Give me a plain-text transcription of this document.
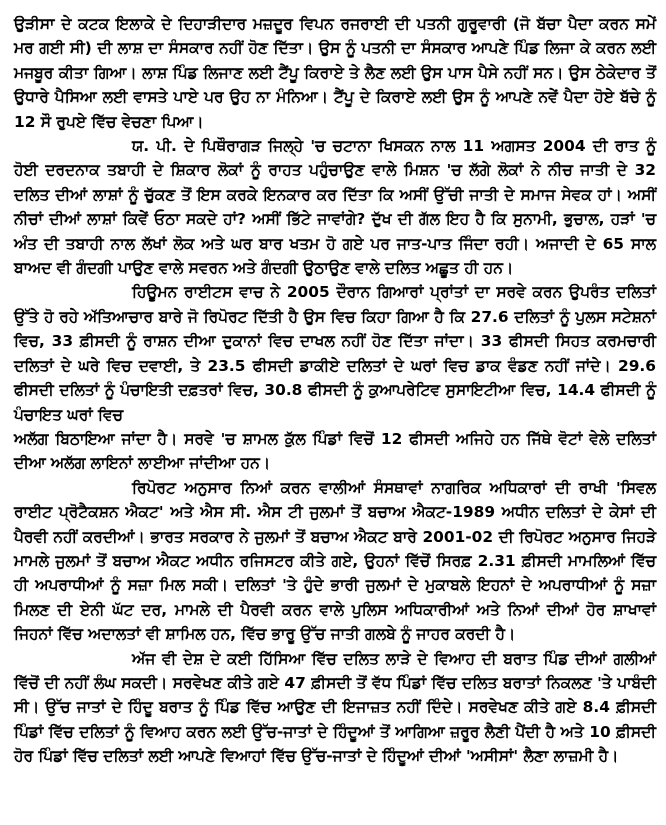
ਉੜੀਸਾ ਦੇ ਕਟਕ ਇਲਾਕੇ ਦੇ ਦਿਹਾੜੀਦਾਰ ਮਜ਼ਦੂਰ ਵਿਪਨ ਰਜਰਾਈ ਦੀ ਪਤਨੀ ਗੁਰੂਵਾਰੀ (ਜੋ ਬੱਚਾ ਪੈਦਾ ਕਰਨ ਸਮੇਂ ਮਰ ਗਈ ਸੀ) ਦੀ ਲਾਸ਼ ਦਾ ਸੰਸਕਾਰ ਨਹੀਂ ਹੋਣ ਦਿੱਤਾ। ਉਸ ਨੂੰ ਪਤਨੀ ਦਾ ਸੰਸਕਾਰ ਆਪਣੇ ਪਿੰਡ ਲਿਜਾ ਕੇ ਕਰਨ ਲਈ ਮਜਬੂਰ ਕੀਤਾ ਗਿਆ। ਲਾਸ਼ ਪਿੰਡ ਲਿਜਾਣ ਲਈ ਟੈਂਪੂ ਕਿਰਾਏ ਤੇ ਲੈਣ ਲਈ ਉਸ ਪਾਸ ਪੈਸੇ ਨਹੀਂ ਸਨ। ਉਸ ਠੇਕੇਦਾਰ ਤੋਂ ਉਧਾਰੇ ਪੈਸਿਆ ਲਈ ਵਾਸਤੇ ਪਾਏ ਪਰ ਉਹ ਨਾ ਮੰਨਿਆ। ਟੈਂਪੂ ਦੇ ਕਿਰਾਏ ਲਈ ਉਸ ਨੂੰ ਆਪਣੇ ਨਵੇਂ ਪੈਦਾ ਹੋਏ ਬੱਚੇ ਨੂੰ 12 ਸੌ ਰੁਪਏ ਵਿੱਚ ਵੇਚਣਾ ਪਿਆ।

ਯ. ਪੀ. ਦੇ ਪਿਥੌਰਾਗੜ ਜਿਲ੍ਹੇ 'ਚ ਚਟਾਨਾ ਖਿਸਕਨ ਨਾਲ 11 ਅਗਸਤ 2004 ਦੀ ਰਾਤ ਨੂੰ ਹੋਈ ਦਰਦਨਾਕ ਤਬਾਹੀ ਦੇ ਸ਼ਿਕਾਰ ਲੋਕਾਂ ਨੂੰ ਰਾਹਤ ਪਹੁੰਚਾਉਣ ਵਾਲੇ ਮਿਸ਼ਨ 'ਚ ਲੱਗੇ ਲੋਕਾਂ ਨੇ ਨੀਚ ਜਾਤੀ ਦੇ 32 ਦਲਿਤ ਦੀਆਂ ਲਾਸ਼ਾਂ ਨੂੰ ਚੁੱਕਣ ਤੋਂ ਇਸ ਕਰਕੇ ਇਨਕਾਰ ਕਰ ਦਿੱਤਾ ਕਿ ਅਸੀਂ ਉੱਚੀ ਜਾਤੀ ਦੇ ਸਮਾਜ ਸੇਵਕ ਹਾਂ। ਅਸੀਂ ਨੀਚਾਂ ਦੀਆਂ ਲਾਸ਼ਾਂ ਕਿਵੇਂ ਓਠਾ ਸਕਦੇ ਹਾਂ? ਅਸੀਂ ਭਿੱਟੇ ਜਾਵਾਂਗੇ? ਦੁੱਖ ਦੀ ਗੱਲ ਇਹ ਹੈ ਕਿ ਸੁਨਾਮੀ, ਭੁਚਾਲ, ਹੜਾਂ 'ਚ ਅੰਤ ਦੀ ਤਬਾਹੀ ਨਾਲ ਲੱਖਾਂ ਲੋਕ ਅਤੇ ਘਰ ਬਾਰ ਖਤਮ ਹੋ ਗਏ ਪਰ ਜਾਤ-ਪਾਤ ਜਿੰਦਾ ਰਹੀ। ਅਜਾਦੀ ਦੇ 65 ਸਾਲ ਬਾਅਦ ਵੀ ਗੰਦਗੀ ਪਾਉਣ ਵਾਲੇ ਸਵਰਨ ਅਤੇ ਗੰਦਗੀ ਉਠਾਉਣ ਵਾਲੇ ਦਲਿਤ ਅਛੂਤ ਹੀ ਹਨ।

ਹਿਊਮਨ ਰਾਈਟਸ ਵਾਚ ਨੇ 2005 ਦੌਰਾਨ ਗਿਆਰਾਂ ਪ੍ਰਾਂਤਾਂ ਦਾ ਸਰਵੇ ਕਰਨ ਉਪਰੰਤ ਦਲਿਤਾਂ ਉੱਤੇ ਹੋ ਰਹੇ ਅੱਤਿਆਚਾਰ ਬਾਰੇ ਜੋ ਰਿਪੋਰਟ ਦਿੱਤੀ ਹੈ ਉਸ ਵਿਚ ਕਿਹਾ ਗਿਆ ਹੈ ਕਿ 27.6 ਦਲਿਤਾਂ ਨੂੰ ਪੁਲਸ ਸਟੇਸ਼ਨਾਂ ਵਿਚ, 33 ਫ਼ੀਸਦੀ ਨੂੰ ਰਾਸ਼ਨ ਦੀਆ ਦੁਕਾਨਾਂ ਵਿਚ ਦਾਖਲ ਨਹੀਂ ਹੋਣ ਦਿੱਤਾ ਜਾਂਦਾ। 33 ਫੀਸਦੀ ਸਿਹਤ ਕਰਮਚਾਰੀ ਦਲਿਤਾਂ ਦੇ ਘਰੇ ਵਿਚ ਦਵਾਈ, ਤੇ 23.5 ਫੀਸਦੀ ਡਾਕੀਏ ਦਲਿਤਾਂ ਦੇ ਘਰਾਂ ਵਿਚ ਡਾਕ ਵੰਡਣ ਨਹੀਂ ਜਾਂਦੇ। 29.6 ਫੀਸਦੀ ਦਲਿਤਾਂ ਨੂੰ ਪੰਚਾਇਤੀ ਦਫ਼ਤਰਾਂ ਵਿਚ, 30.8 ਫੀਸਦੀ ਨੂੰ ਕੁਆਪਰੇਟਿਵ ਸੁਸਾਇਟੀਆ ਵਿਚ, 14.4 ਫੀਸਦੀ ਨੂੰ ਪੰਚਾਇਤ ਘਰਾਂ ਵਿਚ

ਅਲੱਗ ਬਿਠਾਇਆ ਜਾਂਦਾ ਹੈ। ਸਰਵੇ 'ਚ ਸ਼ਾਮਲ ਕੁੱਲ ਪਿੰਡਾਂ ਵਿਚੋਂ 12 ਫੀਸਦੀ ਅਜਿਹੇ ਹਨ ਜਿੱਥੇ ਵੋਟਾਂ ਵੇਲੇ ਦਲਿਤਾਂ ਦੀਆ ਅਲੱਗ ਲਾਇਨਾਂ ਲਾਈਆ ਜਾਂਦੀਆ ਹਨ।

ਰਿਪੋਰਟ ਅਨੁਸਾਰ ਨਿਆਂ ਕਰਨ ਵਾਲੀਆਂ ਸੰਸਥਾਵਾਂ ਨਾਗਰਿਕ ਅਧਿਕਾਰਾਂ ਦੀ ਰਾਖੀ 'ਸਿਵਲ ਰਾਈਟ ਪ੍ਰੋਟੈਕਸ਼ਨ ਐਕਟ' ਅਤੇ ਐਸ ਸੀ. ਐਸ ਟੀ ਜੁਲਮਾਂ ਤੋਂ ਬਚਾਅ ਐਕਟ-1989 ਅਧੀਨ ਦਲਿਤਾਂ ਦੇ ਕੇਸਾਂ ਦੀ ਪੈਰਵੀ ਨਹੀਂ ਕਰਦੀਆਂ। ਭਾਰਤ ਸਰਕਾਰ ਨੇ ਜੁਲਮਾਂ ਤੋਂ ਬਚਾਅ ਐਕਟ ਬਾਰੇ 2001-02 ਦੀ ਰਿਪੋਰਟ ਅਨੁਸਾਰ ਜਿਹੜੇ ਮਾਮਲੇ ਜੁਲਮਾਂ ਤੋਂ ਬਚਾਅ ਐਕਟ ਅਧੀਨ ਰਜਿਸਟਰ ਕੀਤੇ ਗਏ, ਉਹਨਾਂ ਵਿੱਚੋਂ ਸਿਰਫ਼ 2.31 ਫ਼ੀਸਦੀ ਮਾਮਲਿਆਂ ਵਿੱਚ ਹੀ ਅਪਰਾਧੀਆਂ ਨੂੰ ਸਜ਼ਾ ਮਿਲ ਸਕੀ। ਦਲਿਤਾਂ 'ਤੇ ਹੁੰਦੇ ਭਾਰੀ ਜੁਲਮਾਂ ਦੇ ਮੁਕਾਬਲੇ ਇਹਨਾਂ ਦੇ ਅਪਰਾਧੀਆਂ ਨੂੰ ਸਜ਼ਾ ਮਿਲਣ ਦੀ ਏਨੀ ਘੱਟ ਦਰ, ਮਾਮਲੇ ਦੀ ਪੈਰਵੀ ਕਰਨ ਵਾਲੇ ਪੁਲਿਸ ਅਧਿਕਾਰੀਆਂ ਅਤੇ ਨਿਆਂ ਦੀਆਂ ਹੋਰ ਸ਼ਾਖਾਵਾਂ ਜਿਹਨਾਂ ਵਿੱਚ ਅਦਾਲਤਾਂ ਵੀ ਸ਼ਾਮਿਲ ਹਨ, ਵਿੱਚ ਭਾਰੂ ਉੱਚ ਜਾਤੀ ਗਲਬੇ ਨੂੰ ਜਾਹਰ ਕਰਦੀ ਹੈ।

ਅੱਜ ਵੀ ਦੇਸ਼ ਦੇ ਕਈ ਹਿੱਸਿਆ ਵਿੱਚ ਦਲਿਤ ਲਾੜੇ ਦੇ ਵਿਆਹ ਦੀ ਬਰਾਤ ਪਿੰਡ ਦੀਆਂ ਗਲੀਆਂ ਵਿੱਚੋਂ ਦੀ ਨਹੀਂ ਲੰਘ ਸਕਦੀ। ਸਰਵੇਖਣ ਕੀਤੇ ਗਏ 47 ਫ਼ੀਸਦੀ ਤੋਂ ਵੱਧ ਪਿੰਡਾਂ ਵਿੱਚ ਦਲਿਤ ਬਰਾਤਾਂ ਨਿਕਲਣ 'ਤੇ ਪਾਬੰਦੀ ਸੀ। ਉੱਚ ਜਾਤਾਂ ਦੇ ਹਿੰਦੂ ਬਰਾਤ ਨੂੰ ਪਿੰਡ ਵਿੱਚ ਆਉਣ ਦੀ ਇਜਾਜ਼ਤ ਨਹੀਂ ਦਿੰਦੇ। ਸਰਵੇਖਣ ਕੀਤੇ ਗਏ 8.4 ਫ਼ੀਸਦੀ ਪਿੰਡਾਂ ਵਿੱਚ ਦਲਿਤਾਂ ਨੂੰ ਵਿਆਹ ਕਰਨ ਲਈ ਉੱਚ-ਜਾਤਾਂ ਦੇ ਹਿੰਦੂਆਂ ਤੋਂ ਆਗਿਆ ਜ਼ਰੂਰ ਲੈਣੀ ਪੈਂਦੀ ਹੈ ਅਤੇ 10 ਫ਼ੀਸਦੀ ਹੋਰ ਪਿੰਡਾਂ ਵਿੱਚ ਦਲਿਤਾਂ ਲਈ ਆਪਣੇ ਵਿਆਹਾਂ ਵਿੱਚ ਉੱਚ-ਜਾਤਾਂ ਦੇ ਹਿੰਦੂਆਂ ਦੀਆਂ 'ਅਸੀਸਾਂ' ਲੈਣਾ ਲਾਜ਼ਮੀ ਹੈ।
